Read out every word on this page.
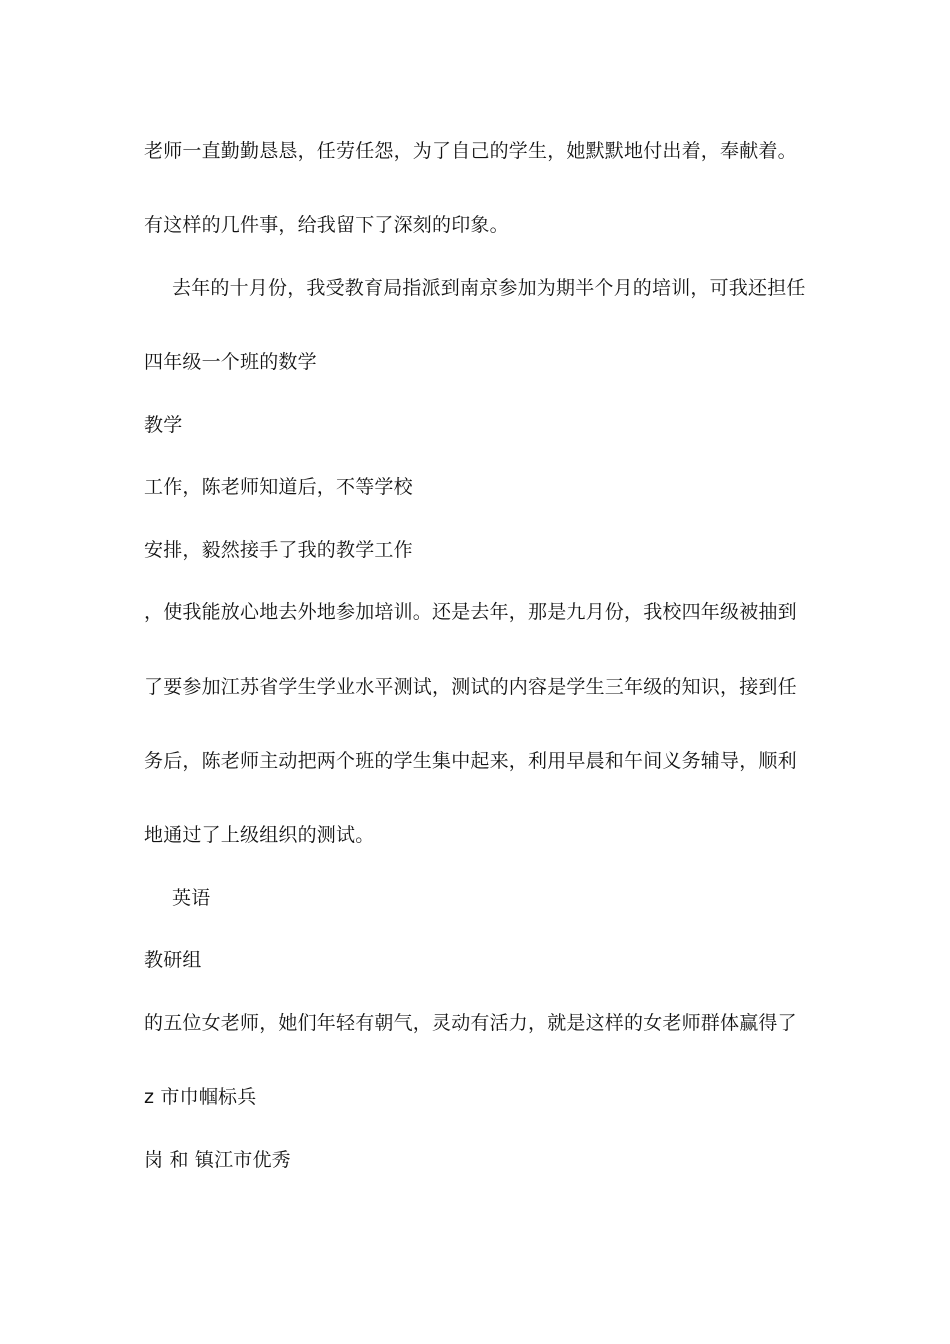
老师一直勤勤恳恳，任劳任怨，为了自己的学生，她默默地付出着，奉献着。
有这样的几件事，给我留下了深刻的印象。
去年的十月份，我受教育局指派到南京参加为期半个月的培训，可我还担任
四年级一个班的数学
教学
工作，陈老师知道后，不等学校
安排，毅然接手了我的教学工作
，使我能放心地去外地参加培训。还是去年，那是九月份，我校四年级被抽到
了要参加江苏省学生学业水平测试，测试的内容是学生三年级的知识，接到任
务后，陈老师主动把两个班的学生集中起来，利用早晨和午间义务辅导，顺利
地通过了上级组织的测试。
英语
教研组
的五位女老师，她们年轻有朝气，灵动有活力，就是这样的女老师群体赢得了
z 市巾帼标兵
岗 和 镇江市优秀
